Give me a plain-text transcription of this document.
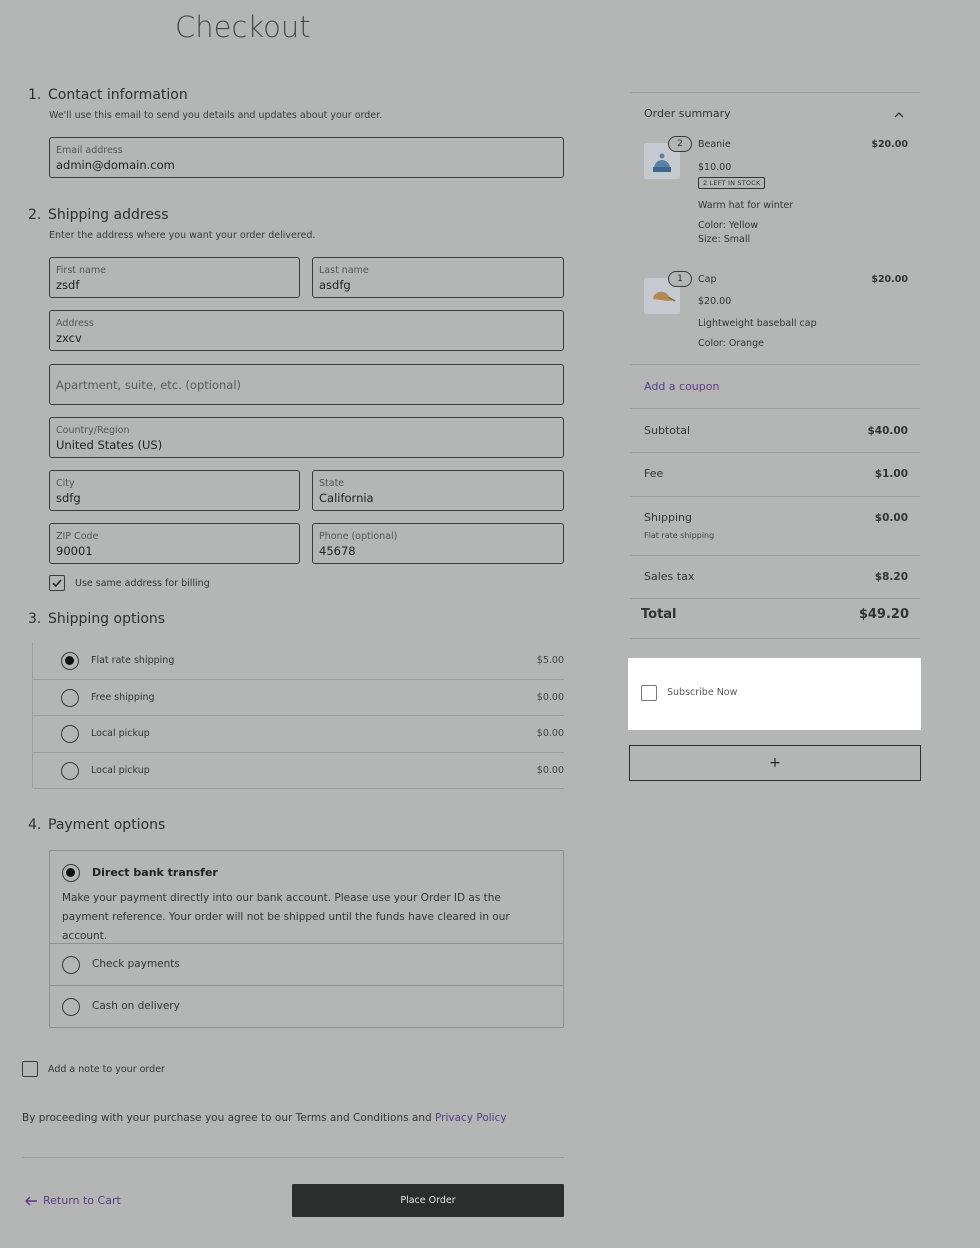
Checkout
1. Contact information
We'll use this email to send you details and updates about your order.
Email address
admin@domain.com
2. Shipping address
Enter the address where you want your order delivered.
First name
zsdf
Last name
asdfg
Address
zxcv
Apartment, suite, etc. (optional)
Country/Region
United States (US)
City
sdfg
State
California
ZIP Code
90001
Phone (optional)
45678
Use same address for billing
3. Shipping options
Flat rate shipping	$5.00
Free shipping	$0.00
Local pickup	$0.00
Local pickup	$0.00
4. Payment options
Direct bank transfer
Make your payment directly into our bank account. Please use your Order ID as the payment reference. Your order will not be shipped until the funds have cleared in our account.
Check payments
Cash on delivery
Add a note to your order
By proceeding with your purchase you agree to our Terms and Conditions and Privacy Policy
Return to Cart	Place Order
Order summary
2	Beanie	$20.00
$10.00
2 LEFT IN STOCK
Warm hat for winter
Color: Yellow
Size: Small
1	Cap	$20.00
$20.00
Lightweight baseball cap
Color: Orange
Add a coupon
Subtotal	$40.00
Fee	$1.00
Shipping	$0.00
Flat rate shipping
Sales tax	$8.20
Total	$49.20
Subscribe Now
+
